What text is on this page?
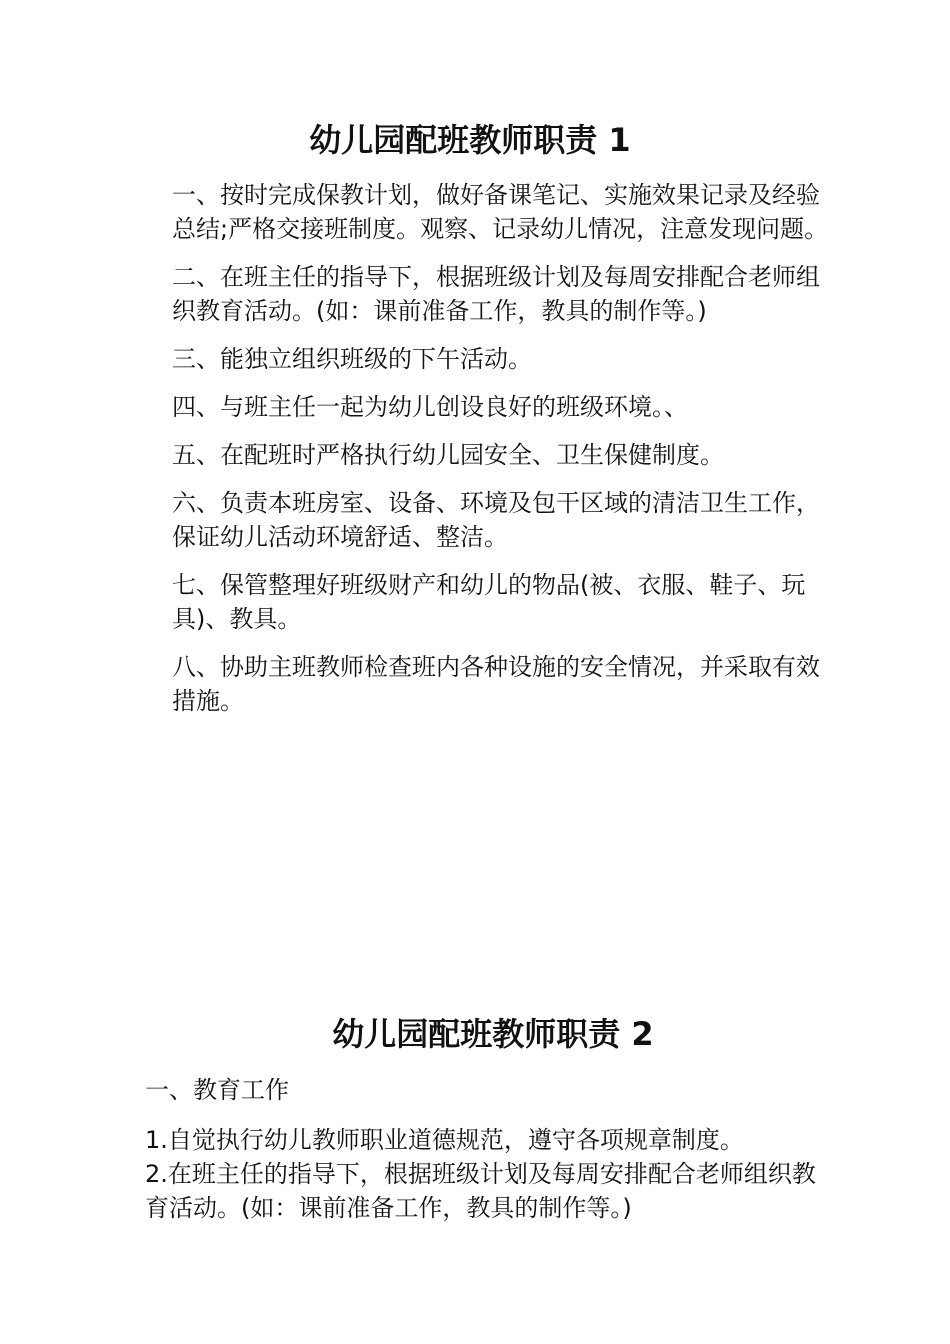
幼儿园配班教师职责 1

一、按时完成保教计划，做好备课笔记、实施效果记录及经验总结;严格交接班制度。观察、记录幼儿情况，注意发现问题。

二、在班主任的指导下，根据班级计划及每周安排配合老师组织教育活动。(如：课前准备工作，教具的制作等。)

三、能独立组织班级的下午活动。

四、与班主任一起为幼儿创设良好的班级环境。、

五、在配班时严格执行幼儿园安全、卫生保健制度。

六、负责本班房室、设备、环境及包干区域的清洁卫生工作，保证幼儿活动环境舒适、整洁。

七、保管整理好班级财产和幼儿的物品(被、衣服、鞋子、玩具)、教具。

八、协助主班教师检查班内各种设施的安全情况，并采取有效措施。

幼儿园配班教师职责 2

一、教育工作

1.自觉执行幼儿教师职业道德规范，遵守各项规章制度。

2.在班主任的指导下，根据班级计划及每周安排配合老师组织教育活动。(如：课前准备工作，教具的制作等。)
